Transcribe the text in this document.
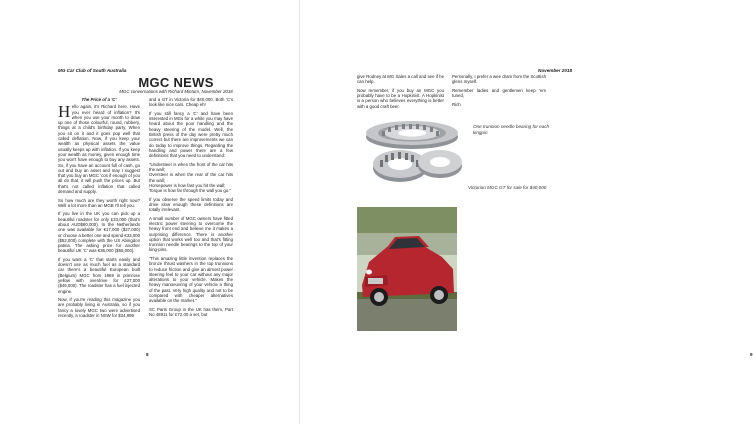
MG Car Club of South Australia
MGC NEWS
MGC conversations with Richard Minturn, November 2018
The Price of a 'C'

Hello again, it's Richard here. Have you ever heard of inflation? It's when you use your month to draw up one of those colourful, round, rubbery, things at a child's birthday party. When you sit on it and it goes pop well that called deflation. Now, if you keep your wealth as physical assets the value usually keeps up with inflation. If you keep your wealth as money, given enough time you won't have enough to buy any assets. So, if you have an account full of cash, go out and buy an asset and may I suggest that you buy an MGC 'cos if enough of you all do that, it will push the prices up. But that's not called inflation that called demand and supply.

So how much are they worth right now? Well a lot more than an MGB I'll tell you.

If you live in the UK you can pick up a beautiful roadster for only £33,000 (that's about AUD$60,000). In the Netherlands one was available for €17,000 ($27,000) or choose a better one and spend €33,000 ($52,000) complete with the US Abingdon patina. The asking price for another beautiful UK 'C' was €36,000 ($55,000).

If you want a 'C' that starts easily and doesn't use as much fuel as a standard car there's a beautiful European built (Belgium) MGC from 1969 in primrose yellow with overdrive for £27,000 ($46,000). The roadster has a fuel injected engine.

Now, if you're reading this magazine you are probably living in Australia, so if you fancy a lovely MGC two were advertised recently, a roadster in NSW for $34,999

and a GT in Victoria for $40,000. Both 'C's look like nice cars. Cheap eh!

If you still fancy a 'C' and have been interested in MGs for a while you may have heard about the poor handling and the heavy steering of the model. Well, the British press of the day were pretty much correct but there are improvements we can do today to improve things. Regarding the handling and power there are a few definitions that you need to understand:

"Understeer is when the front of the car hits the wall;

Oversteer is when the rear of the car hits the wall;

Horsepower is how fast you hit the wall;

Torque is how far through the wall you go."

If you observe the speed limits today and drive slow enough these definitions are totally irrelevant.

A small number of MGC owners have fitted electric power steering to overcome the heavy front end and believe me it makes a surprising difference. There is another option that works well too and that's fitting trunnion needle bearings to the top of your king-pins.

"This amazing little invention replaces the bronze thrust washers in the top trunnions to reduce friction and give an almost power steering feel to your car without any major alterations to your vehicle. Makes the heavy manoeuvring of your vehicle a thing of the past. Very high quality and not to be compared with cheaper alternatives available on the market."

SC Parts Group in the UK has them, Part No 48911 for £72.00 a set, but

8	9
November 2018

give Rodney at MG Sales a call and see if he can help.

Now remember, if you buy an MGC you probably have to be a Hopkinist. A Hopkinist is a person who believes everything is better with a good craft beer.

Personally, I prefer a wee dram from the Scottish glens myself.

Remember ladies and gentlemen keep 'em tuned,

Rich

One trunnion needle bearing for each kingpin
Victorian MGC GT for sale for $40,000
